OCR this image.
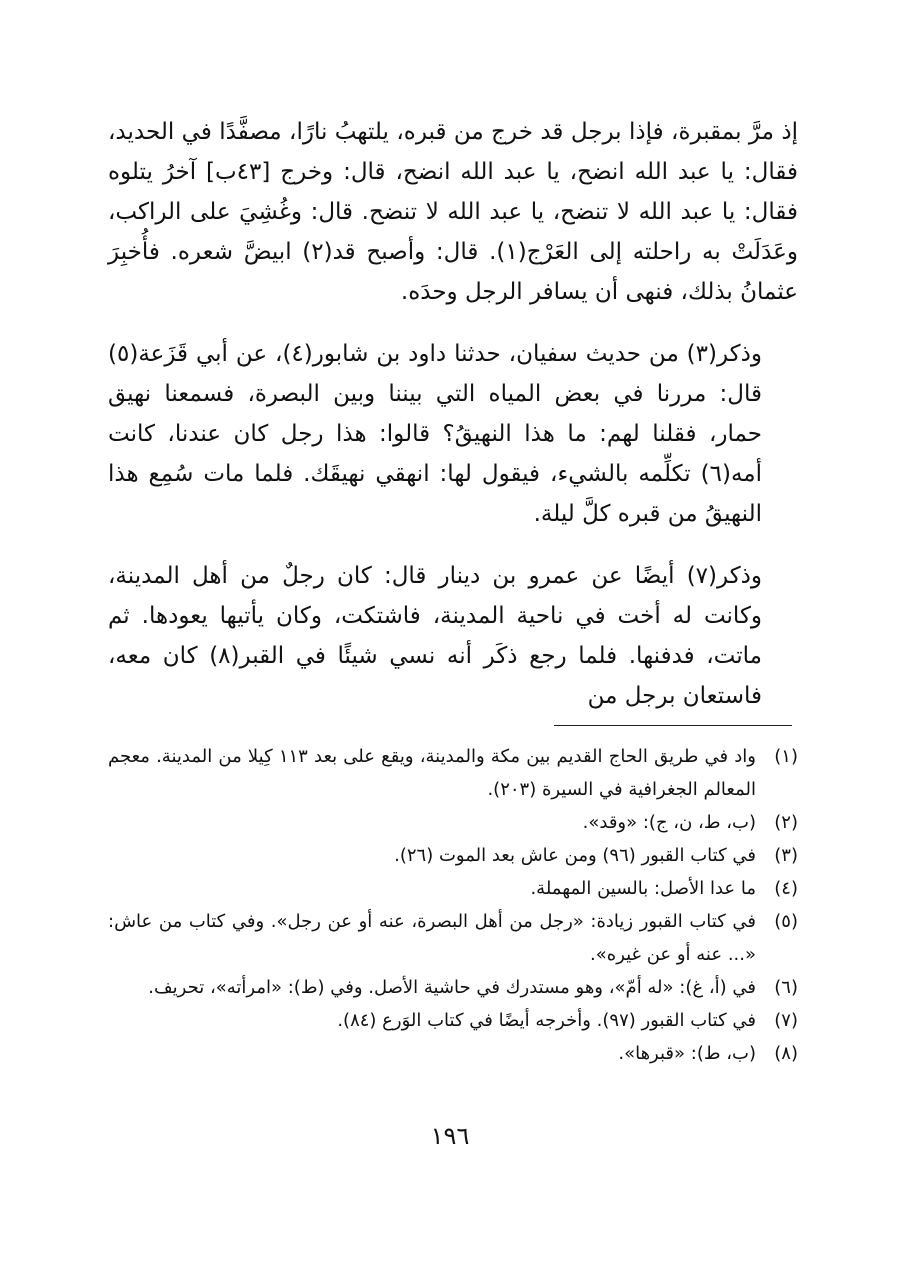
إذ مرَّ بمقبرة، فإذا برجل قد خرج من قبره، يلتهبُ نارًا، مصفَّدًا في الحديد، فقال: يا عبد الله انضح، يا عبد الله انضح، قال: وخرج [٤٣ب] آخرُ يتلوه فقال: يا عبد الله لا تنضح، يا عبد الله لا تنضح. قال: وغُشِيَ على الراكب، وعَدَلَتْ به راحلته إلى العَرْج(١). قال: وأصبح قد(٢) ابيضَّ شعره. فأُخبِرَ عثمانُ بذلك، فنهى أن يسافر الرجل وحدَه.

وذكر(٣) من حديث سفيان، حدثنا داود بن شابور(٤)، عن أبي قَزَعة(٥) قال: مررنا في بعض المياه التي بيننا وبين البصرة، فسمعنا نهيق حمار، فقلنا لهم: ما هذا النهيقُ؟ قالوا: هذا رجل كان عندنا، كانت أمه(٦) تكلِّمه بالشيء، فيقول لها: انهقي نهيقَك. فلما مات سُمِع هذا النهيقُ من قبره كلَّ ليلة.

وذكر(٧) أيضًا عن عمرو بن دينار قال: كان رجلٌ من أهل المدينة، وكانت له أخت في ناحية المدينة، فاشتكت، وكان يأتيها يعودها. ثم ماتت، فدفنها. فلما رجع ذكَر أنه نسي شيئًا في القبر(٨) كان معه، فاستعان برجل من

(١)
واد في طريق الحاج القديم بين مكة والمدينة، ويقع على بعد ١١٣ كِيلا من المدينة. معجم المعالم الجغرافية في السيرة (٢٠٣).
(٢)
(ب، ط، ن، ج): «وقد».
(٣)
في كتاب القبور (٩٦) ومن عاش بعد الموت (٢٦).
(٤)
ما عدا الأصل: بالسين المهملة.
(٥)
في كتاب القبور زيادة: «رجل من أهل البصرة، عنه أو عن رجل». وفي كتاب من عاش: «... عنه أو عن غيره».
(٦)
في (أ، غ): «له أمّ»، وهو مستدرك في حاشية الأصل. وفي (ط): «امرأته»، تحريف.
(٧)
في كتاب القبور (٩٧). وأخرجه أيضًا في كتاب الوَرع (٨٤).
(٨)
(ب، ط): «قبرها».
١٩٦
